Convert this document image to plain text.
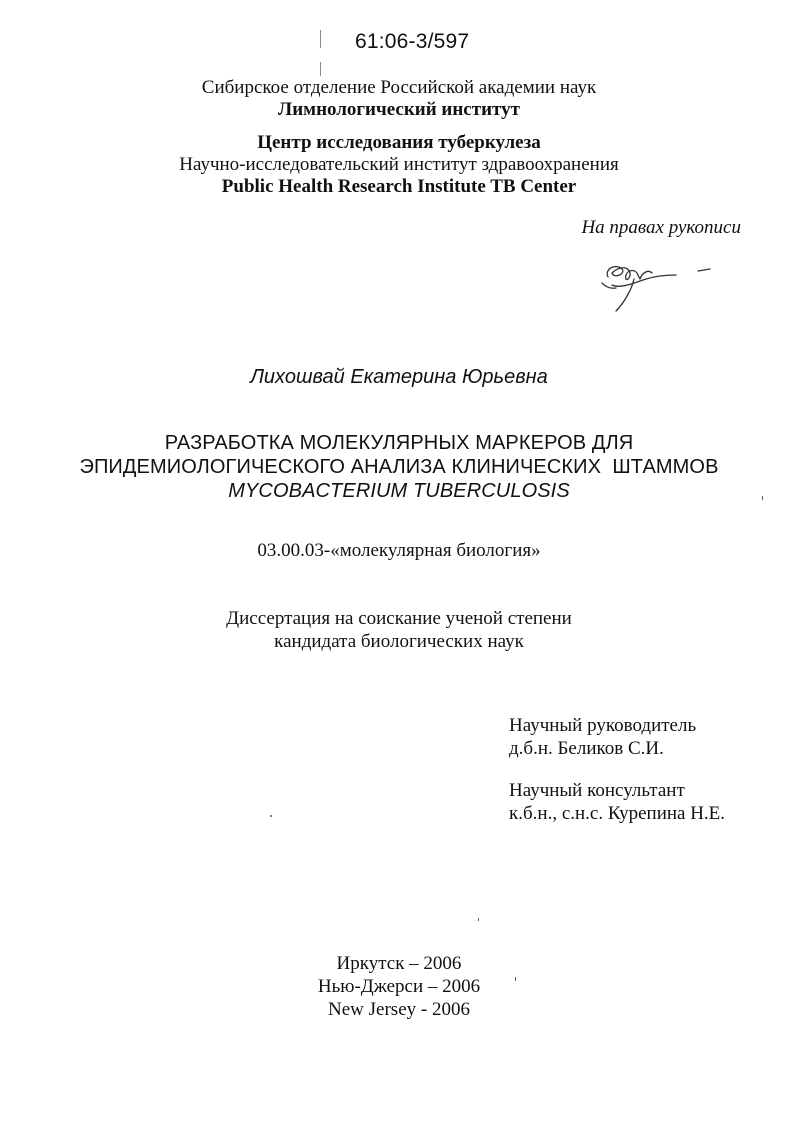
61:06-3/597
Сибирское отделение Российской академии наук
Лимнологический институт
Центр исследования туберкулеза
Научно-исследовательский институт здравоохранения
Public Health Research Institute TB Center
На правах рукописи
Лихошвай Екатерина Юрьевна
РАЗРАБОТКА МОЛЕКУЛЯРНЫХ МАРКЕРОВ ДЛЯ
ЭПИДЕМИОЛОГИЧЕСКОГО АНАЛИЗА КЛИНИЧЕСКИХ  ШТАММОВ
MYCOBACTERIUM TUBERCULOSIS
03.00.03-«молекулярная биология»
Диссертация на соискание ученой степени
кандидата биологических наук
Научный руководитель
д.б.н. Беликов С.И.
Научный консультант
к.б.н., с.н.с. Курепина Н.Е.
Иркутск – 2006
Нью-Джерси – 2006
New Jersey - 2006
